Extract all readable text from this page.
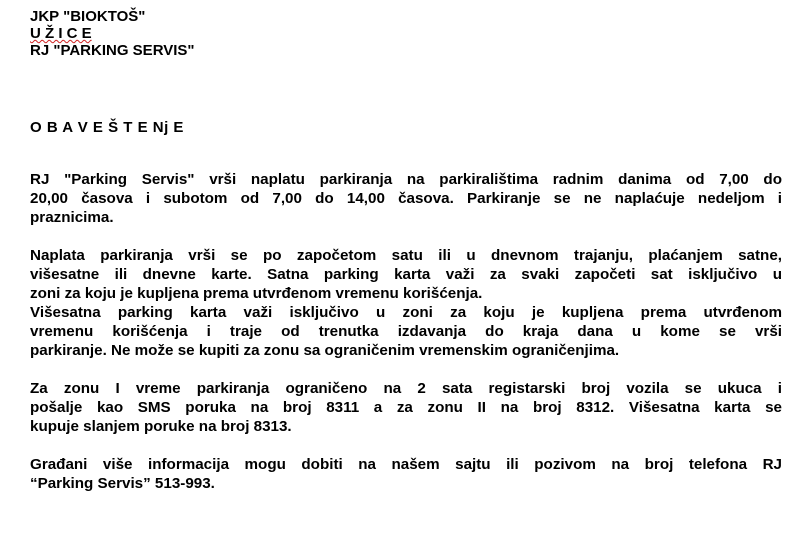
JKP "BIOKTOŠ"
U Ž I C E
RJ "PARKING SERVIS"
O B A V E Š T E Nj E

RJ "Parking Servis" vrši naplatu parkiranja na parkiralištima radnim danima od 7,00 do
20,00 časova i subotom od 7,00 do 14,00 časova. Parkiranje se ne naplaćuje nedeljom i
praznicima.

Naplata parkiranja vrši se po započetom satu ili u dnevnom trajanju, plaćanjem satne,
višesatne ili dnevne karte. Satna parking karta važi za svaki započeti sat isključivo u
zoni za koju je kupljena prema utvrđenom vremenu korišćenja.
Višesatna parking karta važi isključivo u zoni za koju je kupljena prema utvrđenom
vremenu korišćenja i traje od trenutka izdavanja do kraja dana u kome se vrši
parkiranje. Ne može se kupiti za zonu sa ograničenim vremenskim ograničenjima.

Za zonu I vreme parkiranja ograničeno na 2 sata registarski broj vozila se ukuca i
pošalje kao SMS poruka na broj 8311 a za zonu II na broj 8312. Višesatna karta se
kupuje slanjem poruke na broj 8313.

Građani više informacija mogu dobiti na našem sajtu ili pozivom na broj telefona RJ
“Parking Servis” 513-993.
